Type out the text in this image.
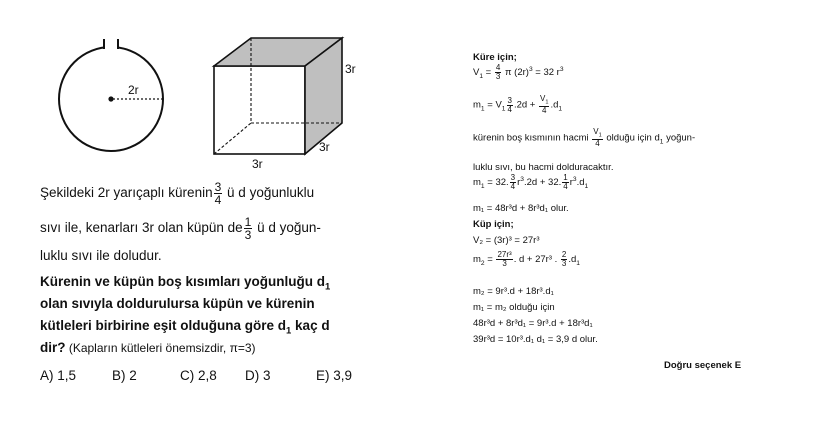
2r
3r
3r
3r
Şekildeki 2r yarıçaplı kürenin $\frac{3}{4}$ ü d yoğunluklu
sıvı ile, kenarları 3r olan küpün de $\frac{1}{3}$ ü d yoğun-
luklu sıvı ile doludur.
Kürenin ve küpün boş kısımları yoğunluğu $d_1$
olan sıvıyla doldurulursa küpün ve kürenin
kütleleri birbirine eşit olduğuna göre $d_1$ kaç d
dir? (Kapların kütleleri önemsizdir, π=3)
A) 1,5	B) 2	C) 2,8 D) 3	E) 3,9
Küre için;
$V_1 = \frac{4}{3}$ π $(2r)^3 = 32$ $r^3$
$m_1 = V_1 \frac{3}{4} .2d + \frac{V_1}{4} .d_1$
kürenin boş kısmının hacmi $\frac{V_1}{4}$ olduğu için $d_1$ yoğun-
luklu sıvı, bu hacmi dolduracaktır.
$m_1 = 32$. $\frac{3}{4} r^3.2d + 32$. $\frac{1}{4} r^3.d_1$
m₁ = 48r³d + 8r³d₁ olur.
Küp için;
V₂ = (3r)³ = 27r³
$m_2 = \frac{\text{27r³}}{3}$ . d + 27r³ . $\frac{2}{3} .d_1$
m₂ = 9r³.d + 18r³.d₁
m₁ = m₂ olduğu için
48r³d + 8r³d₁ = 9r³.d + 18r³d₁
39r³d = 10r³.d₁ d₁ = 3,9 d olur.
Doğru seçenek E
